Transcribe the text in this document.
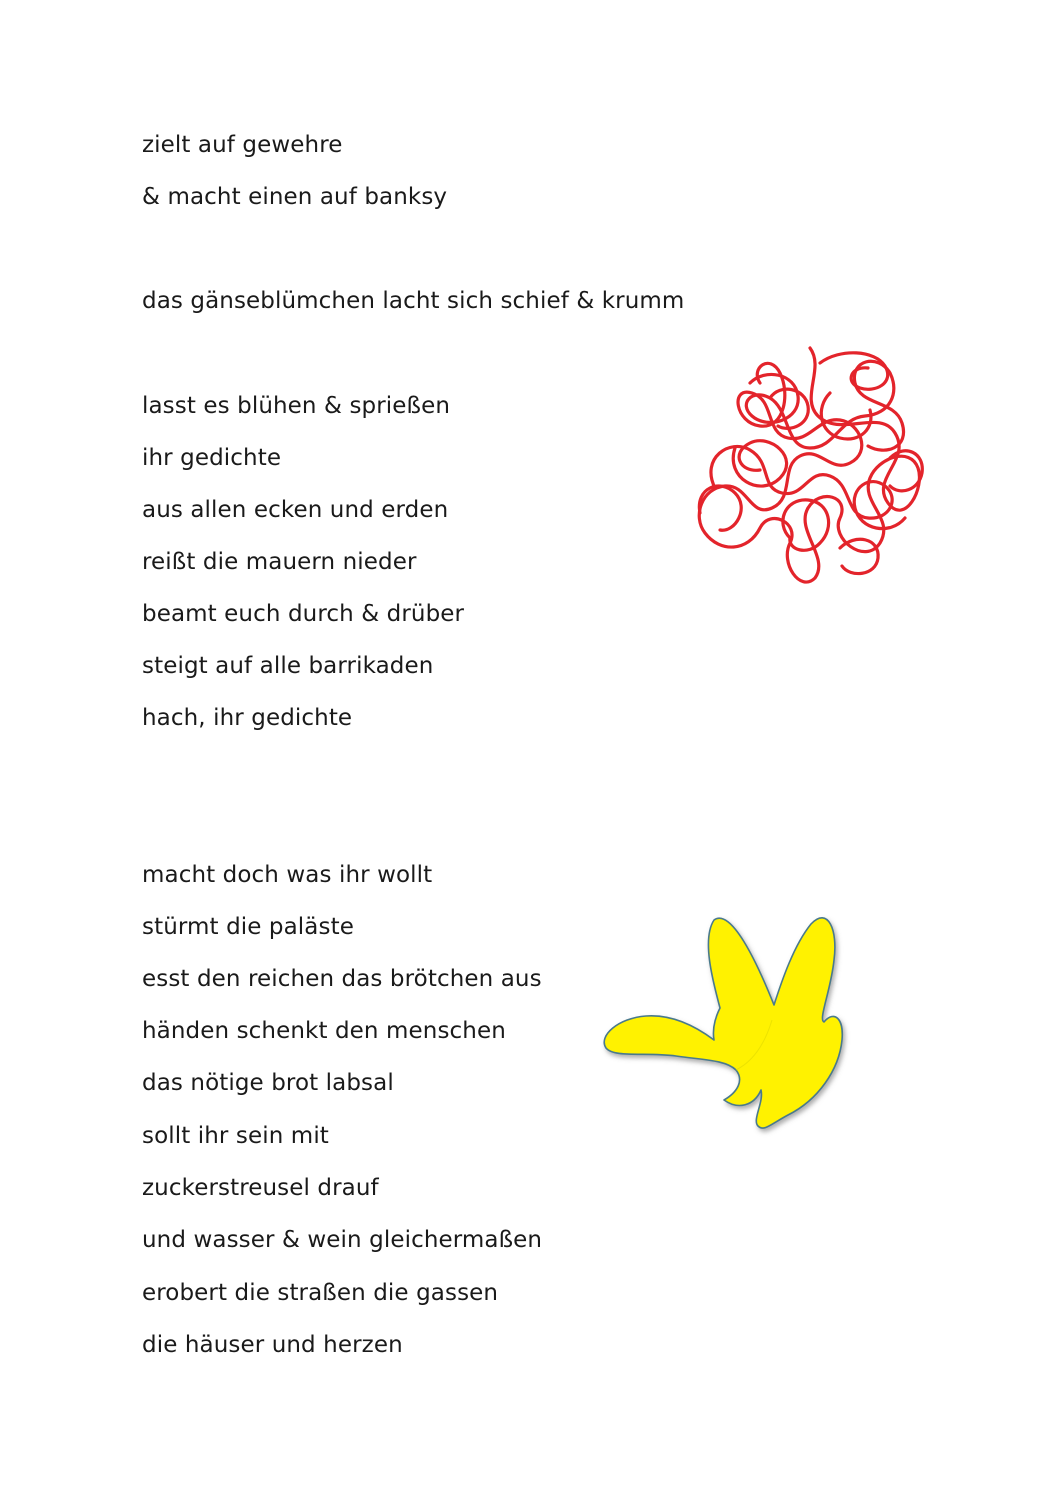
zielt auf gewehre
& macht einen auf banksy
das gänseblümchen lacht sich schief & krumm
lasst es blühen & sprießen
ihr gedichte
aus allen ecken und erden
reißt die mauern nieder
beamt euch durch & drüber
steigt auf alle barrikaden
hach, ihr gedichte
macht doch was ihr wollt
stürmt die paläste
esst den reichen das brötchen aus
händen schenkt den menschen
das nötige brot labsal
sollt ihr sein mit
zuckerstreusel drauf
und wasser & wein gleichermaßen
erobert die straßen die gassen
die häuser und herzen
